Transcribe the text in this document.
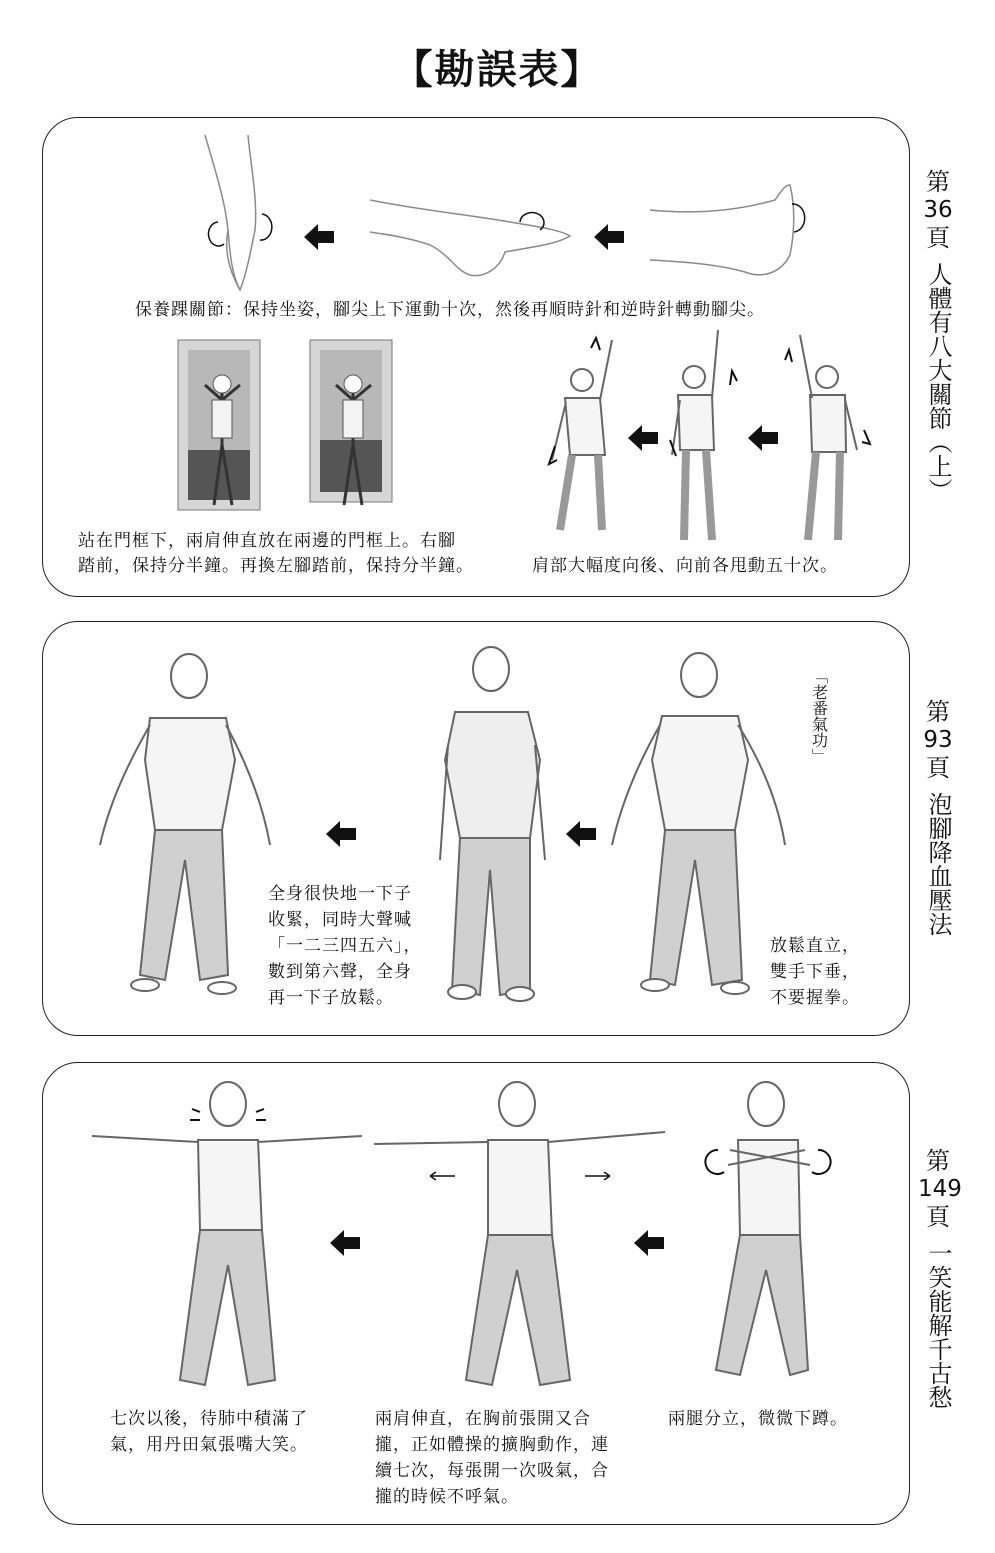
【勘誤表】
保養踝關節：保持坐姿，腳尖上下運動十次，然後再順時針和逆時針轉動腳尖。
站在門框下，兩肩伸直放在兩邊的門框上。右腳
踏前，保持分半鐘。再換左腳踏前，保持分半鐘。	肩部大幅度向後、向前各甩動五十次。
「老番氣功」
全身很快地一下子
收緊，同時大聲喊
「一二三四五六」，
數到第六聲，全身
再一下子放鬆。
放鬆直立，
雙手下垂，
不要握拳。
七次以後，待肺中積滿了
氣，用丹田氣張嘴大笑。
兩肩伸直，在胸前張開又合
攏，正如體操的擴胸動作，連
續七次，每張開一次吸氣，合
攏的時候不呼氣。
兩腿分立，微微下蹲。
第
36
頁
人體有八大關節（上）
第
93
頁
泡腳降血壓法
第
149
頁
一笑能解千古愁
